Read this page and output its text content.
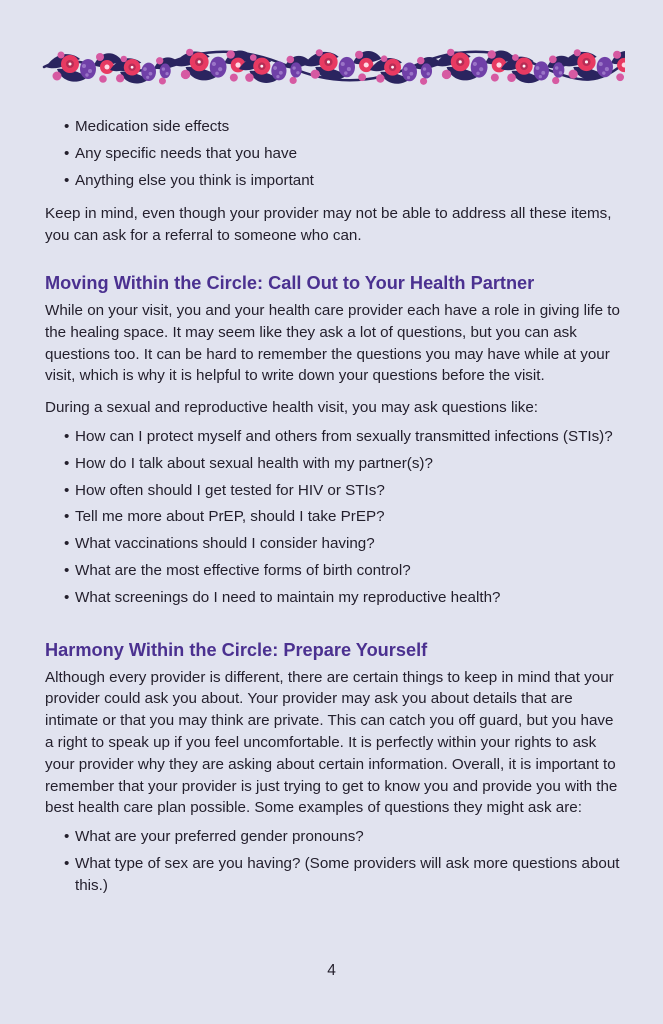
• Medication side effects
• Any specific needs that you have
• Anything else you think is important

Keep in mind, even though your provider may not be able to address all these items, you can ask for a referral to someone who can.

Moving Within the Circle: Call Out to Your Health Partner

While on your visit, you and your health care provider each have a role in giving life to the healing space. It may seem like they ask a lot of questions, but you can ask questions too. It can be hard to remember the questions you may have while at your visit, which is why it is helpful to write down your questions before the visit.

During a sexual and reproductive health visit, you may ask questions like:

• How can I protect myself and others from sexually transmitted infections (STIs)?
• How do I talk about sexual health with my partner(s)?
• How often should I get tested for HIV or STIs?
• Tell me more about PrEP, should I take PrEP?
• What vaccinations should I consider having?
• What are the most effective forms of birth control?
• What screenings do I need to maintain my reproductive health?
Harmony Within the Circle: Prepare Yourself

Although every provider is different, there are certain things to keep in mind that your provider could ask you about. Your provider may ask you about details that are intimate or that you may think are private. This can catch you off guard, but you have a right to speak up if you feel uncomfortable. It is perfectly within your rights to ask your provider why they are asking about certain information. Overall, it is important to remember that your provider is just trying to get to know you and provide you with the best health care plan possible. Some examples of questions they might ask are:

• What are your preferred gender pronouns?
• What type of sex are you having? (Some providers will ask more questions about this.)
4
